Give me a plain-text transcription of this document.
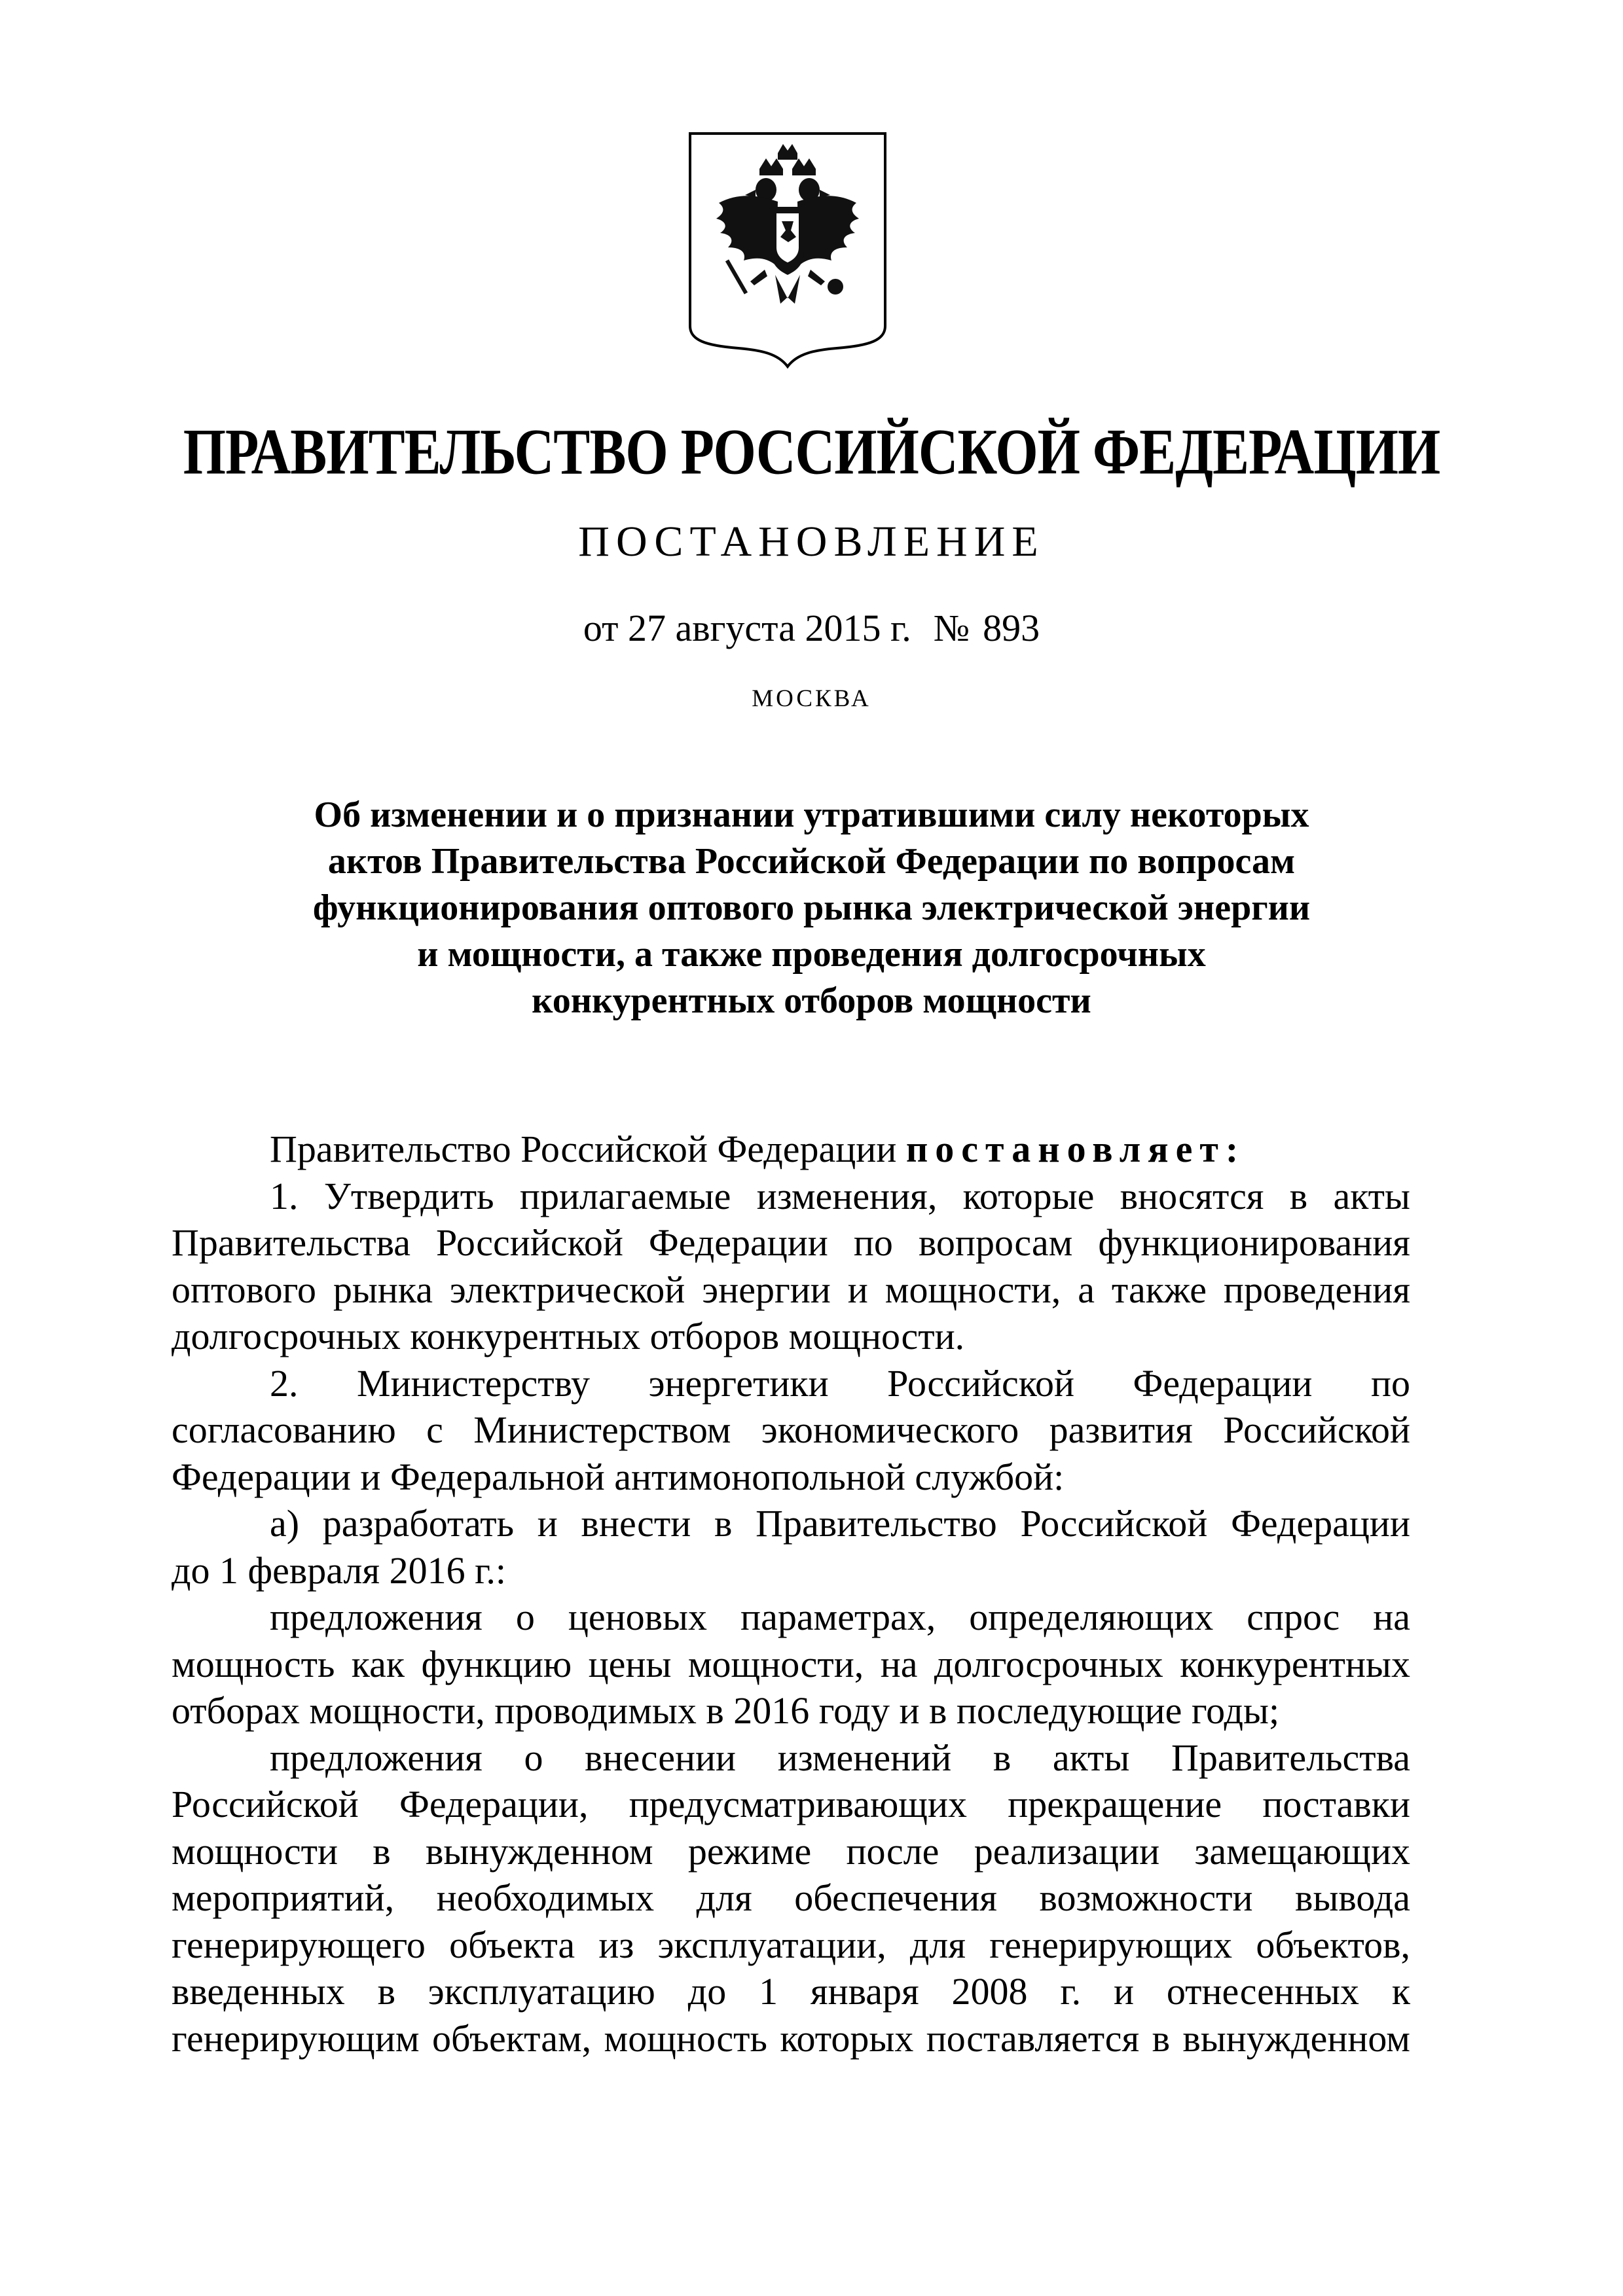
ПРАВИТЕЛЬСТВО РОССИЙСКОЙ ФЕДЕРАЦИИ
ПОСТАНОВЛЕНИЕ
от 27 августа 2015 г. № 893
МОСКВА
Об изменении и о признании утратившими силу некоторых
актов Правительства Российской Федерации по вопросам
функционирования оптового рынка электрической энергии
и мощности, а также проведения долгосрочных
конкурентных отборов мощности
Правительство Российской Федерации постановляет:
1. Утвердить прилагаемые изменения, которые вносятся в акты
Правительства Российской Федерации по вопросам функционирования
оптового рынка электрической энергии и мощности, а также проведения
долгосрочных конкурентных отборов мощности.
2. Министерству энергетики Российской Федерации по
согласованию с Министерством экономического развития Российской
Федерации и Федеральной антимонопольной службой:
а) разработать и внести в Правительство Российской Федерации
до 1 февраля 2016 г.:
предложения о ценовых параметрах, определяющих спрос на
мощность как функцию цены мощности, на долгосрочных конкурентных
отборах мощности, проводимых в 2016 году и в последующие годы;
предложения о внесении изменений в акты Правительства
Российской Федерации, предусматривающих прекращение поставки
мощности в вынужденном режиме после реализации замещающих
мероприятий, необходимых для обеспечения возможности вывода
генерирующего объекта из эксплуатации, для генерирующих объектов,
введенных в эксплуатацию до 1 января 2008 г. и отнесенных к
генерирующим объектам, мощность которых поставляется в вынужденном
